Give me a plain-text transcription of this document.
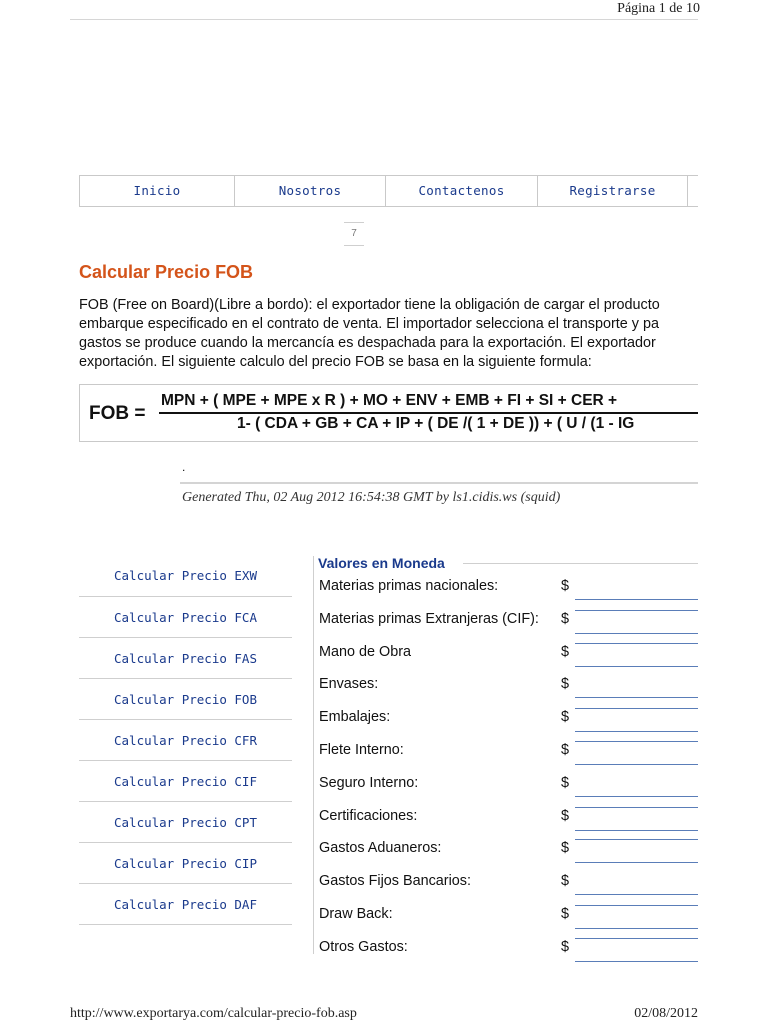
Página 1 de 10
Inicio	Nosotros	Contactenos	Registrarse
7
Calcular Precio FOB
FOB (Free on Board)(Libre a bordo): el exportador tiene la obligación de cargar el producto
embarque especificado en el contrato de venta. El importador selecciona el transporte y pa
gastos se produce cuando la mercancía es despachada para la exportación. El exportador
exportación. El siguiente calculo del precio FOB se basa en la siguiente formula:
FOB =
MPN + ( MPE + MPE x R ) + MO + ENV + EMB + FI + SI + CER +
1- ( CDA + GB + CA + IP + ( DE /( 1 + DE )) + ( U / (1 - IG
.
Generated Thu, 02 Aug 2012 16:54:38 GMT by ls1.cidis.ws (squid)
Calcular Precio EXW
Calcular Precio FCA
Calcular Precio FAS
Calcular Precio FOB
Calcular Precio CFR
Calcular Precio CIF
Calcular Precio CPT
Calcular Precio CIP
Calcular Precio DAF
Valores en Moneda
Materias primas nacionales:	$
Materias primas Extranjeras (CIF): $
Mano de Obra	$
Envases:	$
Embalajes:	$
Flete Interno:	$
Seguro Interno:	$
Certificaciones:	$
Gastos Aduaneros:	$
Gastos Fijos Bancarios:	$
Draw Back:	$
Otros Gastos:	$
http://www.exportarya.com/calcular-precio-fob.asp	02/08/2012
